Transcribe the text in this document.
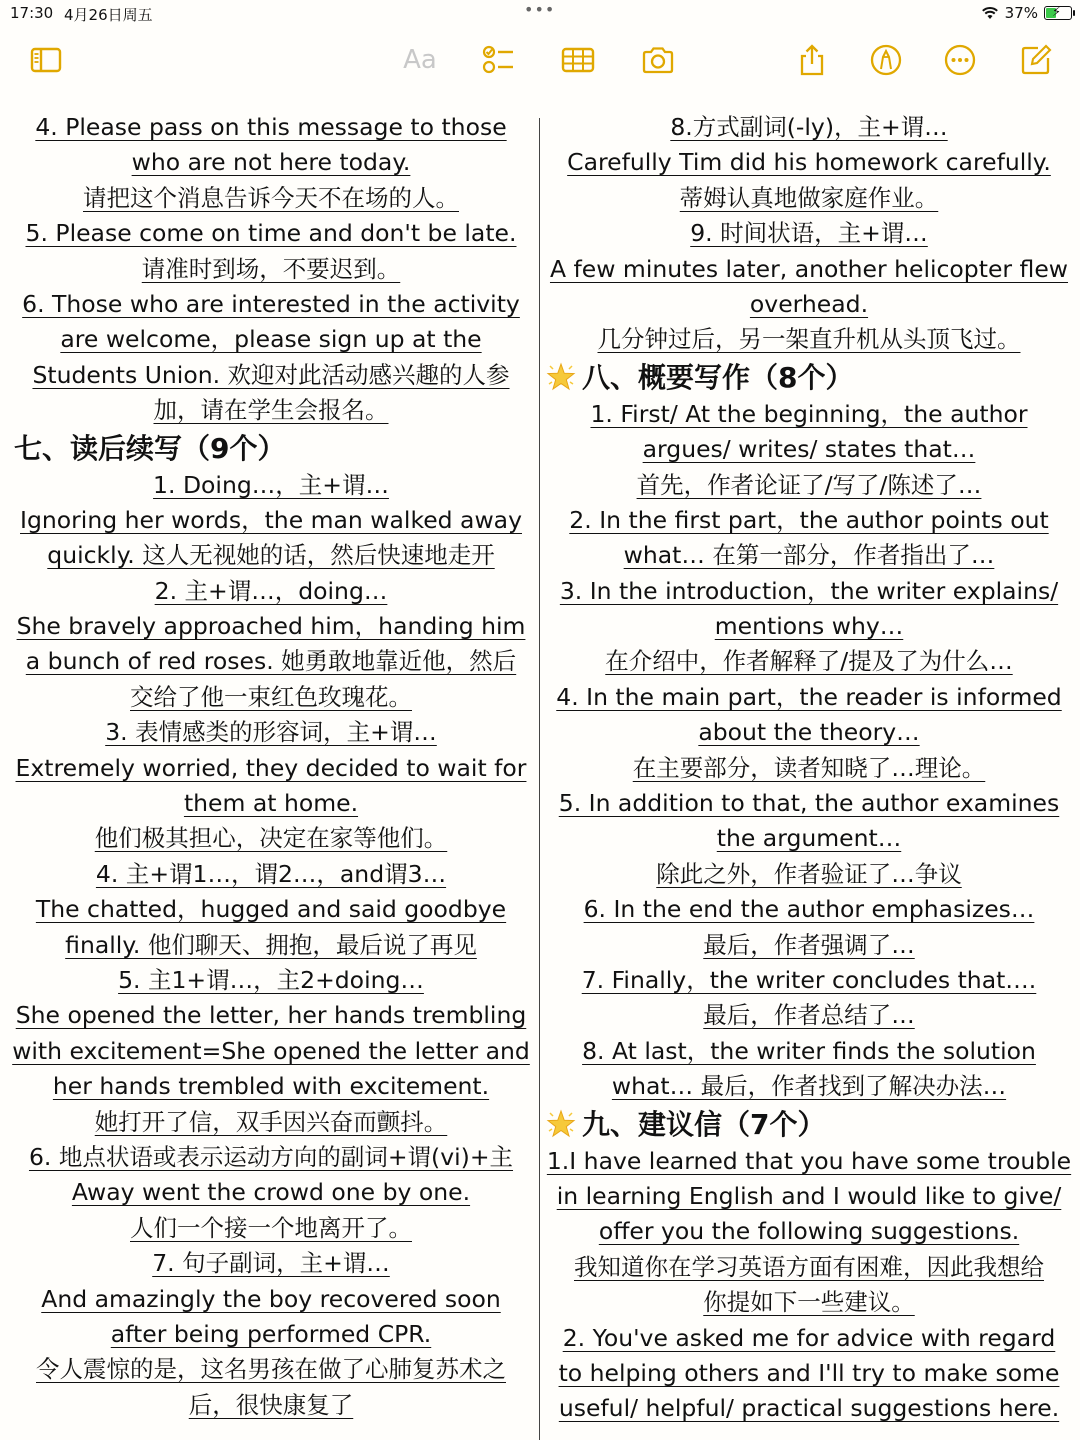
17:30 4月26日周五	•••	37% ⚡
Aa
4. Please pass on this message to those
who are not here today.
请把这个消息告诉今天不在场的人。
5. Please come on time and don't be late.
请准时到场，不要迟到。
6. Those who are interested in the activity
are welcome，please sign up at the
Students Union. 欢迎对此活动感兴趣的人参
加，请在学生会报名。
七、读后续写（9个）
1. Doing…，主+谓…
Ignoring her words，the man walked away
quickly. 这人无视她的话，然后快速地走开
2. 主+谓…，doing…
She bravely approached him，handing him
a bunch of red roses. 她勇敢地靠近他，然后
交给了他一束红色玫瑰花。
3. 表情感类的形容词，主+谓…
Extremely worried, they decided to wait for
them at home.
他们极其担心，决定在家等他们。
4. 主+谓1…，谓2…，and谓3…
The chatted，hugged and said goodbye
finally. 他们聊天、拥抱，最后说了再见
5. 主1+谓…，主2+doing…
She opened the letter, her hands trembling
with excitement=She opened the letter and
her hands trembled with excitement.
她打开了信，双手因兴奋而颤抖。
6. 地点状语或表示运动方向的副词+谓(vi)+主
Away went the crowd one by one.
人们一个接一个地离开了。
7. 句子副词，主+谓…
And amazingly the boy recovered soon
after being performed CPR.
令人震惊的是，这名男孩在做了心肺复苏术之
后，很快康复了
8.方式副词(-ly)，主+谓…
Carefully Tim did his homework carefully.
蒂姆认真地做家庭作业。
9. 时间状语，主+谓…
A few minutes later, another helicopter flew
overhead.
几分钟过后，另一架直升机从头顶飞过。
八、概要写作（8个）
1. First/ At the beginning，the author
argues/ writes/ states that…
首先，作者论证了/写了/陈述了…
2. In the first part，the author points out
what… 在第一部分，作者指出了…
3. In the introduction，the writer explains/
mentions why…
在介绍中，作者解释了/提及了为什么…
4. In the main part，the reader is informed
about the theory…
在主要部分，读者知晓了…理论。
5. In addition to that, the author examines
the argument…
除此之外，作者验证了…争议
6. In the end the author emphasizes…
最后，作者强调了…
7. Finally，the writer concludes that….
最后，作者总结了…
8. At last，the writer finds the solution
what… 最后，作者找到了解决办法…
九、建议信（7个）
1.I have learned that you have some trouble
in learning English and I would like to give/
offer you the following suggestions.
我知道你在学习英语方面有困难，因此我想给
你提如下一些建议。
2. You've asked me for advice with regard
to helping others and I'll try to make some
useful/ helpful/ practical suggestions here.
